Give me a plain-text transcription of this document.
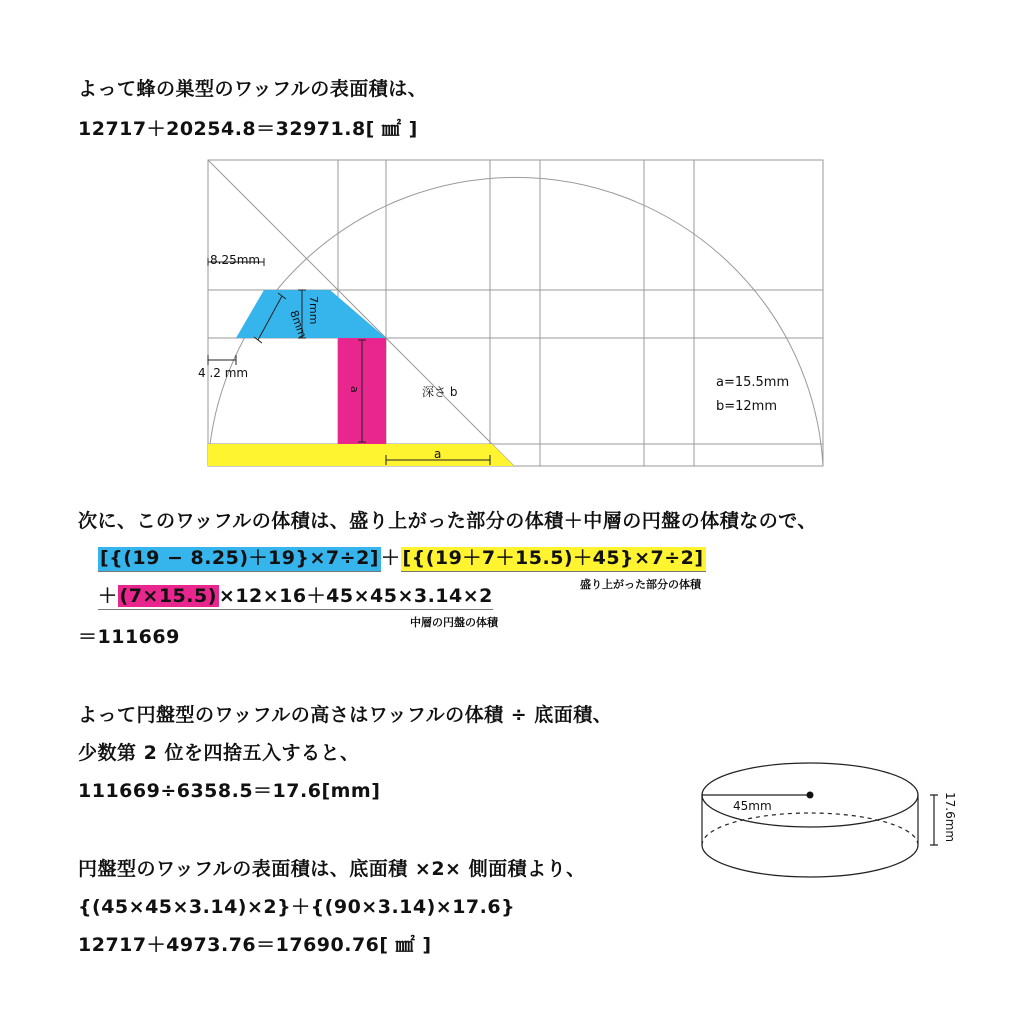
よって蜂の巣型のワッフルの表面積は、
12717＋20254.8＝32971.8[ ㎟ ]
8.25mm
7mm
8mm
4 .2 mm
a	深さ b
a=15.5mm
b=12mm
a
次に、このワッフルの体積は、盛り上がった部分の体積＋中層の円盤の体積なので、
[{(19 − 8.25)＋19}×7÷2] ＋ [{(19＋7＋15.5)＋45}×7÷2]
盛り上がった部分の体積
＋ (7×15.5) ×12×16＋45×45×3.14×2
中層の円盤の体積
＝111669
よって円盤型のワッフルの高さはワッフルの体積 ÷ 底面積、
少数第 2 位を四捨五入すると、
111669÷6358.5＝17.6[mm]
45mm	17.6mm
円盤型のワッフルの表面積は、底面積 ×2× 側面積より、
{(45×45×3.14)×2}＋{(90×3.14)×17.6}
12717＋4973.76＝17690.76[ ㎟ ]
